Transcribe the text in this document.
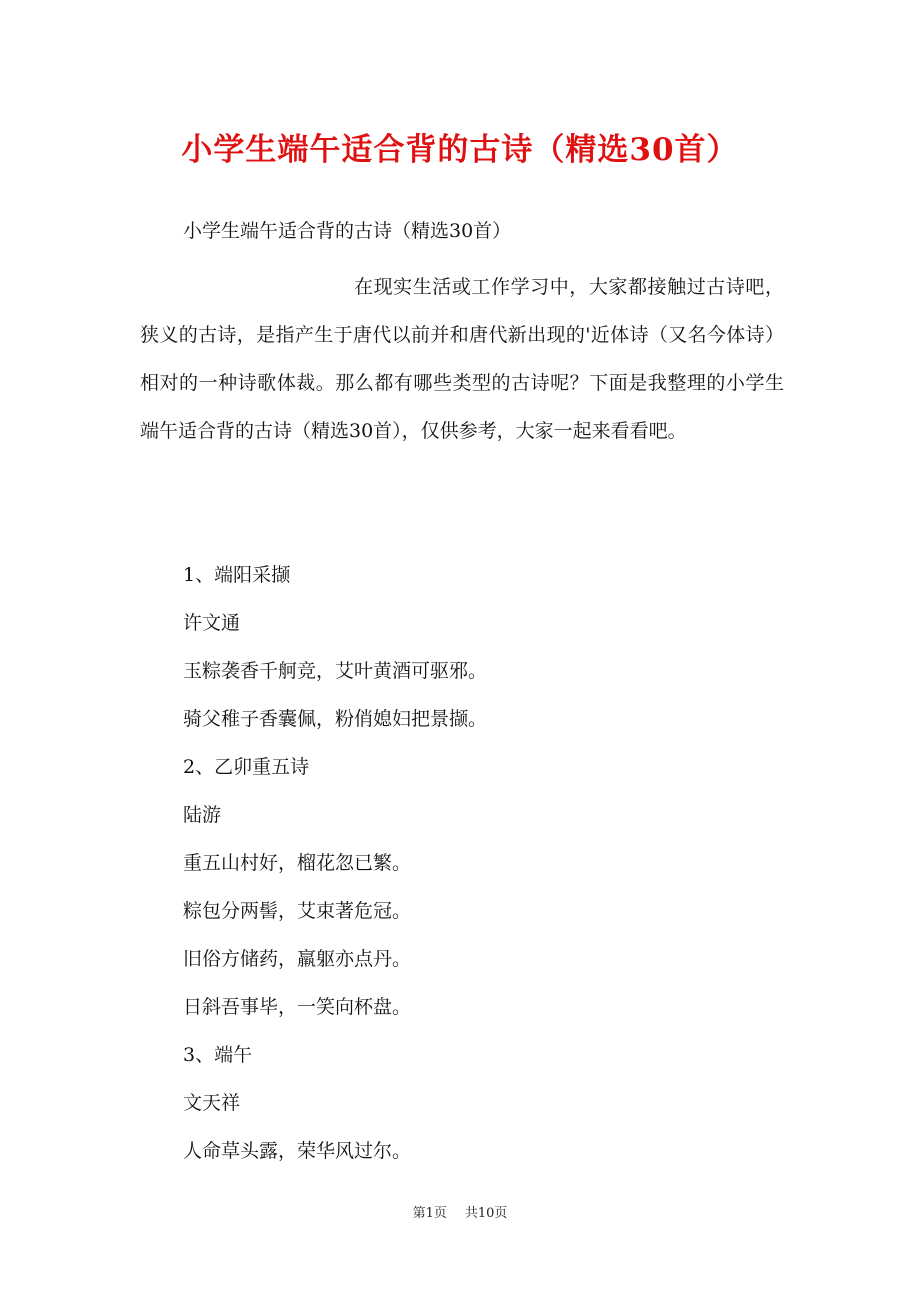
小学生端午适合背的古诗（精选30首）
小学生端午适合背的古诗（精选30首）
在现实生活或工作学习中，大家都接触过古诗吧，狭义的古诗，是指产生于唐代以前并和唐代新出现的'近体诗（又名今体诗）相对的一种诗歌体裁。那么都有哪些类型的古诗呢？下面是我整理的小学生端午适合背的古诗（精选30首），仅供参考，大家一起来看看吧。

1、端阳采撷

许文通

玉粽袭香千舸竞，艾叶黄酒可驱邪。

骑父稚子香囊佩，粉俏媳妇把景撷。

2、乙卯重五诗

陆游

重五山村好，榴花忽已繁。

粽包分两髻，艾束著危冠。

旧俗方储药，羸躯亦点丹。

日斜吾事毕，一笑向杯盘。

3、端午

文天祥

人命草头露，荣华风过尔。

第1页 共10页
